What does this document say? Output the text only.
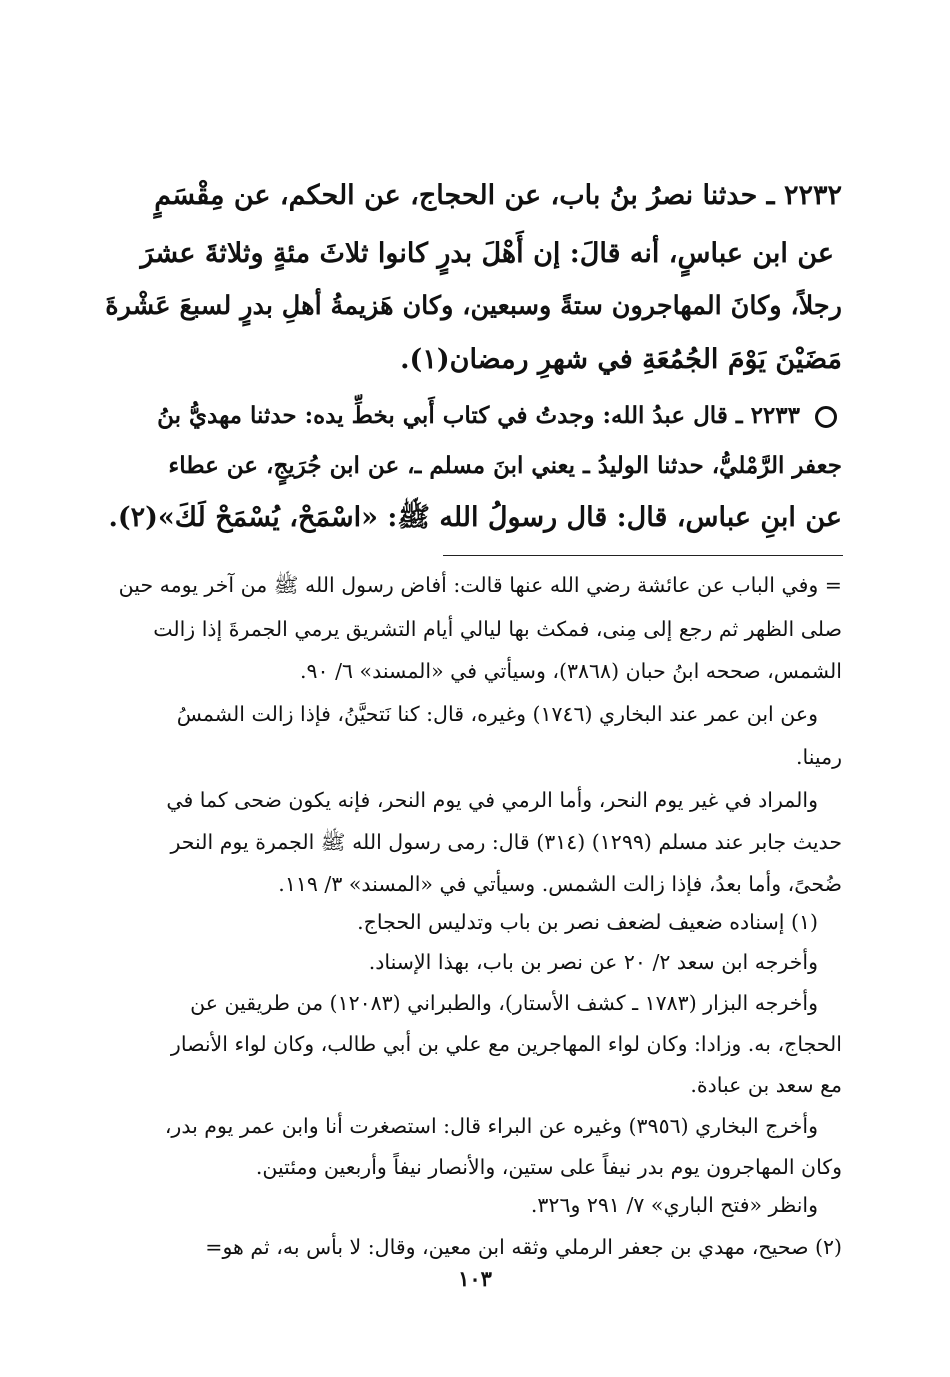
٢٢٣٢ ـ حدثنا نصرُ بنُ باب، عن الحجاج، عن الحكم، عن مِقْسَمٍ
عن ابن عباسٍ، أنه قالَ: إن أَهْلَ بدرٍ كانوا ثلاثَ مئةٍ وثلاثةَ عشرَ
رجلاً، وكانَ المهاجرون ستةً وسبعين، وكان هَزيمةُ أهلِ بدرٍ لسبعَ عَشْرةَ
مَضَيْنَ يَوْمَ الجُمُعَةِ في شهرِ رمضان(١).
٢٢٣٣ ـ قال عبدُ الله: وجدتُ في كتاب أَبي بخطِّ يده: حدثنا مهديُّ بنُ
جعفر الرَّمْليُّ، حدثنا الوليدُ ـ يعني ابنَ مسلم ـ، عن ابن جُرَيجٍ، عن عطاء
عن ابنِ عباس، قال: قال رسولُ الله ﷺ: «اسْمَحْ، يُسْمَحْ لَكَ»(٢).
= وفي الباب عن عائشة رضي الله عنها قالت: أفاض رسول الله ﷺ من آخر يومه حين
صلى الظهر ثم رجع إلى مِنى، فمكث بها ليالي أيام التشريق يرمي الجمرةَ إذا زالت
الشمس، صححه ابنُ حبان (٣٨٦٨)، وسيأتي في «المسند» ٦/ ٩٠.
وعن ابن عمر عند البخاري (١٧٤٦) وغيره، قال: كنا نَتحيَّنُ، فإذا زالت الشمسُ
رمينا.
والمراد في غير يوم النحر، وأما الرمي في يوم النحر، فإنه يكون ضحى كما في
حديث جابر عند مسلم (١٢٩٩) (٣١٤) قال: رمى رسول الله ﷺ الجمرة يوم النحر
ضُحىً، وأما بعدُ، فإذا زالت الشمس. وسيأتي في «المسند» ٣/ ١١٩.
(١) إسناده ضعيف لضعف نصر بن باب وتدليس الحجاج.
وأخرجه ابن سعد ٢/ ٢٠ عن نصر بن باب، بهذا الإسناد.
وأخرجه البزار (١٧٨٣ ـ كشف الأستار)، والطبراني (١٢٠٨٣) من طريقين عن
الحجاج، به. وزادا: وكان لواء المهاجرين مع علي بن أبي طالب، وكان لواء الأنصار
مع سعد بن عبادة.
وأخرج البخاري (٣٩٥٦) وغيره عن البراء قال: استصغرت أنا وابن عمر يوم بدر،
وكان المهاجرون يوم بدر نيفاً على ستين، والأنصار نيفاً وأربعين ومئتين.
وانظر «فتح الباري» ٧/ ٢٩١ و٣٢٦.
(٢) صحيح، مهدي بن جعفر الرملي وثقه ابن معين، وقال: لا بأس به، ثم هو=
١٠٣
